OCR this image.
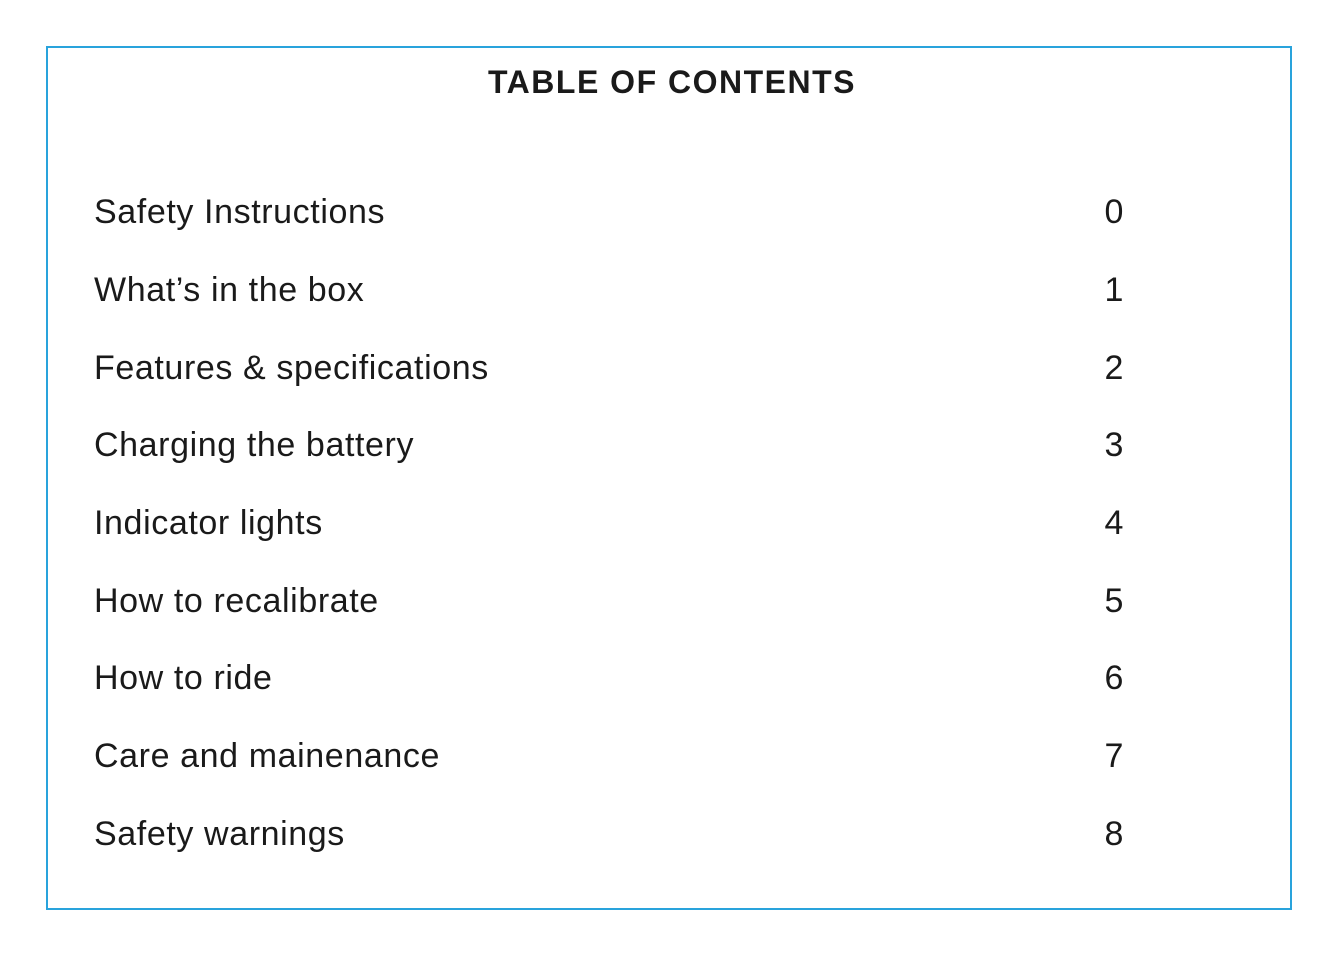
TABLE OF CONTENTS
Safety Instructions	0
What’s in the box	1
Features & specifications	2
Charging the battery	3
Indicator lights	4
How to recalibrate	5
How to ride	6
Care and mainenance	7
Safety warnings	8
